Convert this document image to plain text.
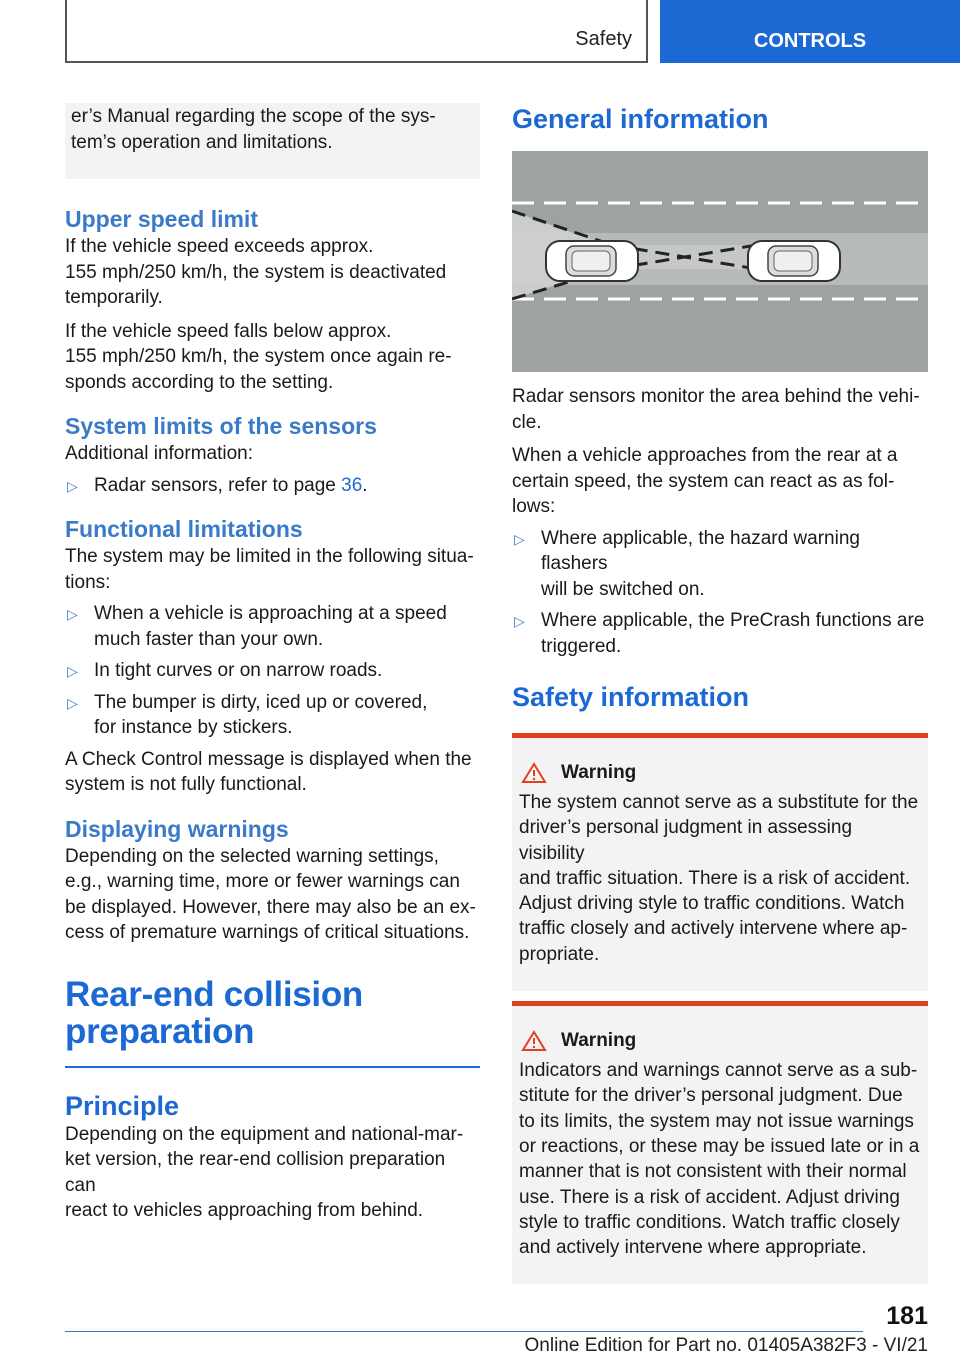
Safety	CONTROLS

er’s Manual regarding the scope of the sys-
tem’s operation and limitations.

Upper speed limit

If the vehicle speed exceeds approx.
155 mph/250 km/h, the system is deactivated
temporarily.

If the vehicle speed falls below approx.
155 mph/250 km/h, the system once again re-
sponds according to the setting.

System limits of the sensors

Additional information:

▷ Radar sensors, refer to page 36.
Functional limitations

The system may be limited in the following situa-
tions:

▷ When a vehicle is approaching at a speed
much faster than your own.
▷ In tight curves or on narrow roads.
▷ The bumper is dirty, iced up or covered,
for instance by stickers.

A Check Control message is displayed when the
system is not fully functional.

Displaying warnings

Depending on the selected warning settings,
e.g., warning time, more or fewer warnings can
be displayed. However, there may also be an ex-
cess of premature warnings of critical situations.

Rear-end collision
preparation
Principle

Depending on the equipment and national-mar-
ket version, the rear-end collision preparation can
react to vehicles approaching from behind.

General information

Radar sensors monitor the area behind the vehi-
cle.

When a vehicle approaches from the rear at a
certain speed, the system can react as as fol-
lows:

▷ Where applicable, the hazard warning flashers
will be switched on.
▷ Where applicable, the PreCrash functions are
triggered.
Safety information
Warning

The system cannot serve as a substitute for the
driver’s personal judgment in assessing visibility
and traffic situation. There is a risk of accident.
Adjust driving style to traffic conditions. Watch
traffic closely and actively intervene where ap-
propriate.

Warning

Indicators and warnings cannot serve as a sub-
stitute for the driver’s personal judgment. Due
to its limits, the system may not issue warnings
or reactions, or these may be issued late or in a
manner that is not consistent with their normal
use. There is a risk of accident. Adjust driving
style to traffic conditions. Watch traffic closely
and actively intervene where appropriate.

181
Online Edition for Part no. 01405A382F3 - VI/21
